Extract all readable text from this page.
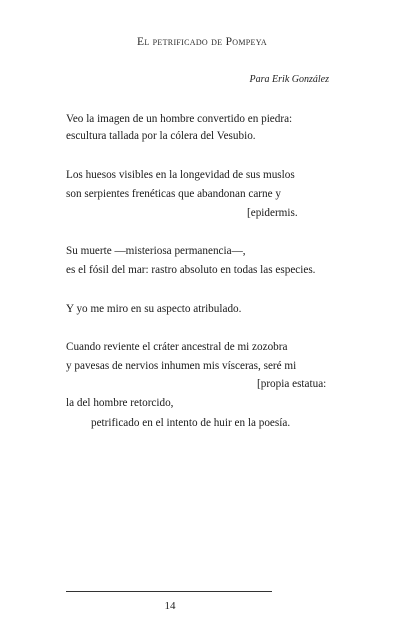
El petrificado de Pompeya
Para Erik González
Veo la imagen de un hombre convertido en piedra:
escultura tallada por la cólera del Vesubio.
Los huesos visibles en la longevidad de sus muslos
son serpientes frenéticas que abandonan carne y
[epidermis.
Su muerte —misteriosa permanencia—,
es el fósil del mar: rastro absoluto en todas las especies.
Y yo me miro en su aspecto atribulado.
Cuando reviente el cráter ancestral de mi zozobra
y pavesas de nervios inhumen mis vísceras, seré mi
[propia estatua:
la del hombre retorcido,
petrificado en el intento de huir en la poesía.
14
